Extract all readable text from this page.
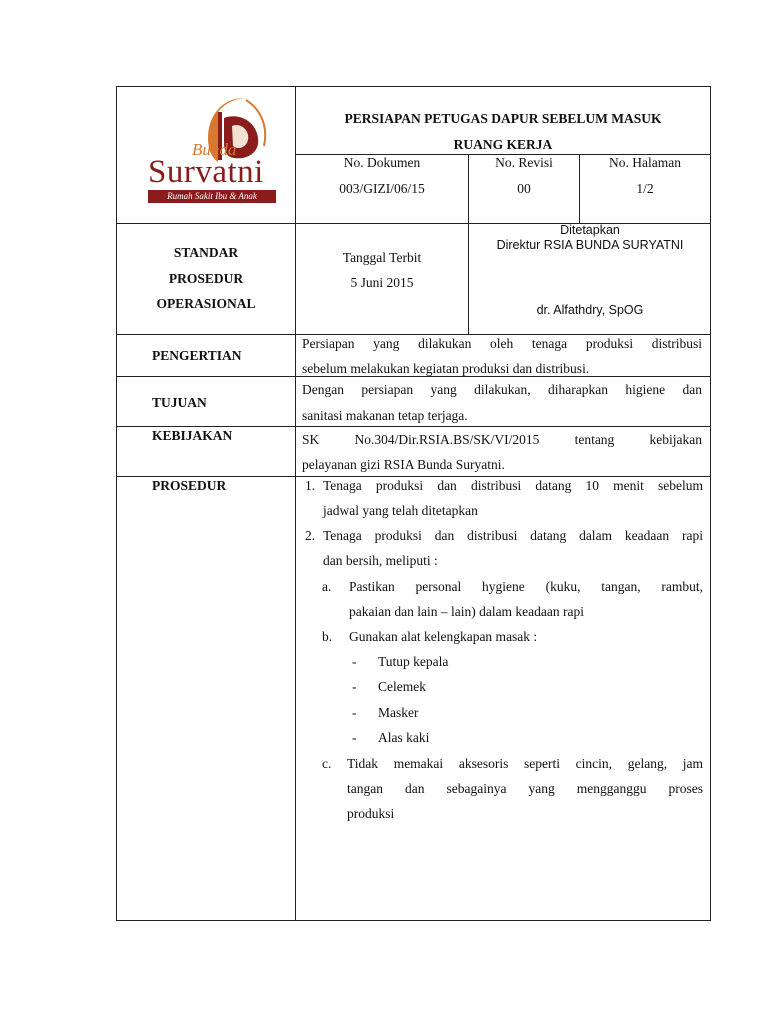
Bunda
Survatni
Rumah Sakit Ibu & Anak
PERSIAPAN PETUGAS DAPUR SEBELUM MASUK
RUANG KERJA
No. Dokumen
003/GIZI/06/15
No. Revisi
00
No. Halaman
1/2
STANDAR
PROSEDUR
OPERASIONAL
Tanggal Terbit
5 Juni 2015
Ditetapkan
Direktur RSIA BUNDA SURYATNI
dr. Alfathdry, SpOG
PENGERTIAN
Persiapan yang dilakukan oleh tenaga produksi distribusi
sebelum melakukan kegiatan produksi dan distribusi.
TUJUAN
Dengan persiapan yang dilakukan, diharapkan higiene dan
sanitasi makanan tetap terjaga.
KEBIJAKAN	SK No.304/Dir.RSIA.BS/SK/VI/2015 tentang kebijakan
pelayanan gizi RSIA Bunda Suryatni.
PROSEDUR	1. Tenaga produksi dan distribusi datang 10 menit sebelum
jadwal yang telah ditetapkan
2. Tenaga produksi dan distribusi datang dalam keadaan rapi
dan bersih, meliputi :
a. Pastikan personal hygiene (kuku, tangan, rambut,
pakaian dan lain – lain) dalam keadaan rapi
b. Gunakan alat kelengkapan masak :
- Tutup kepala
- Celemek
- Masker
- Alas kaki
c. Tidak memakai aksesoris seperti cincin, gelang, jam
tangan dan sebagainya yang mengganggu proses
produksi
